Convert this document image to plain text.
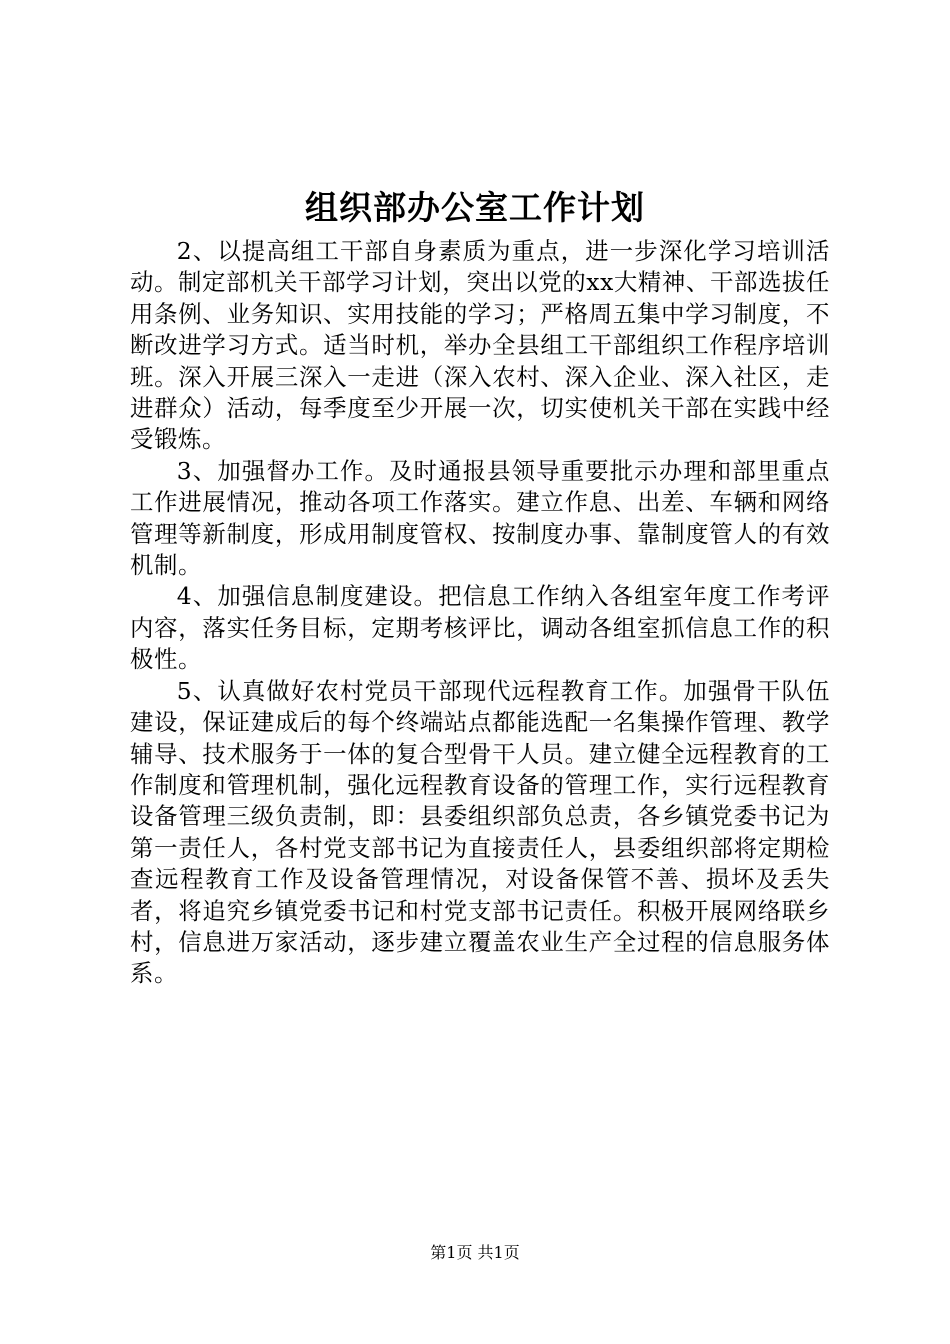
组织部办公室工作计划

2、以提高组工干部自身素质为重点，进一步深化学习培训活动。制定部机关干部学习计划，突出以党的xx大精神、干部选拔任用条例、业务知识、实用技能的学习；严格周五集中学习制度，不断改进学习方式。适当时机，举办全县组工干部组织工作程序培训班。深入开展三深入一走进（深入农村、深入企业、深入社区，走进群众）活动，每季度至少开展一次，切实使机关干部在实践中经受锻炼。

3、加强督办工作。及时通报县领导重要批示办理和部里重点工作进展情况，推动各项工作落实。建立作息、出差、车辆和网络管理等新制度，形成用制度管权、按制度办事、靠制度管人的有效机制。

4、加强信息制度建设。把信息工作纳入各组室年度工作考评内容，落实任务目标，定期考核评比，调动各组室抓信息工作的积极性。

5、认真做好农村党员干部现代远程教育工作。加强骨干队伍建设，保证建成后的每个终端站点都能选配一名集操作管理、教学辅导、技术服务于一体的复合型骨干人员。建立健全远程教育的工作制度和管理机制，强化远程教育设备的管理工作，实行远程教育设备管理三级负责制，即：县委组织部负总责，各乡镇党委书记为第一责任人，各村党支部书记为直接责任人，县委组织部将定期检查远程教育工作及设备管理情况，对设备保管不善、损坏及丢失者，将追究乡镇党委书记和村党支部书记责任。积极开展网络联乡村，信息进万家活动，逐步建立覆盖农业生产全过程的信息服务体系。

第1页 共1页
